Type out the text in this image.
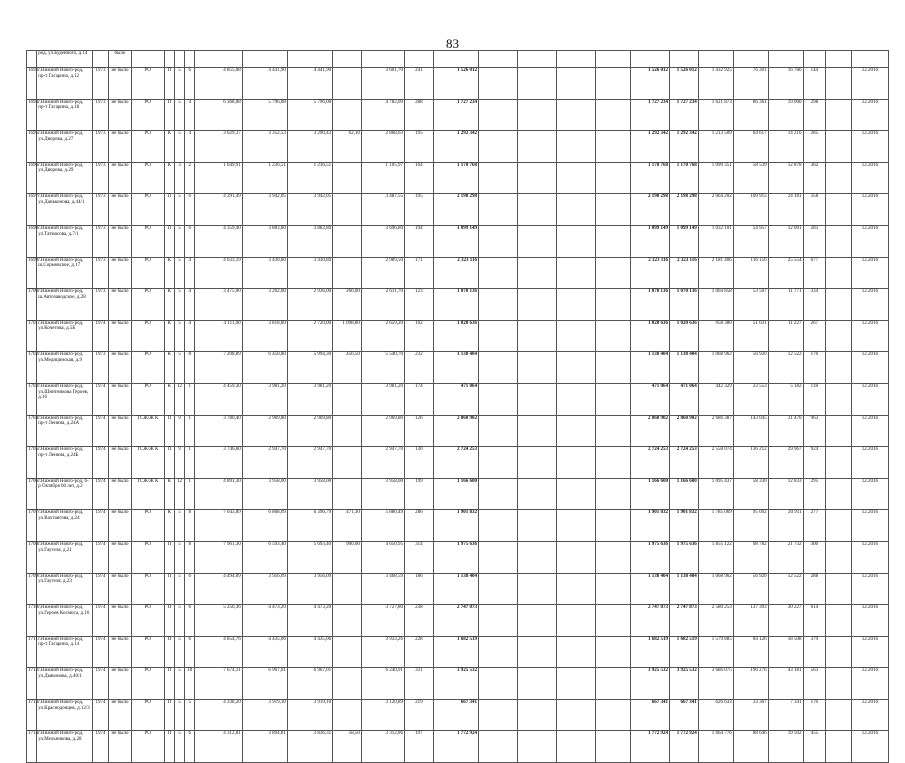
83
	род, ул.Буденного, д.14		было																							
1693	г.Нижний Новго-род, пр-т Гагарина, д.12	1973	не было	РО	П	5	6	4 855,08	4 441,90	4 441,90		3 601,70	241	1 526 012					1 526 012	1 526 012	1 432 925	76 301	16 786	144		12.2016
1694	г.Нижний Новго-род, пр-т Гагарина, д.18	1973	не было	РО	П	5	4	6 368,08	5 796,08	5 796,08		4 782,09	288	1 727 234					1 727 234	1 727 234	1 621 873	86 361	19 000	298		12.2016
1695	г.Нижний Новго-род, ул.Дворова, д.27	1973	не было	РО	К	5	4	3 629,37	3 352,53	3 290,43	62,10	2 868,63	195	1 292 342					1 292 342	1 292 342	1 213 509	64 617	14 216	285		12.2016
1696	г.Нижний Новго-род, ул.Дворова, д.29	1973	не было	РО	К	3	2	1 649,91	1 236,51	1 236,51		1 105,97	164	1 170 768					1 170 768	1 170 768	1 099 351	58 539	12 878	362		12.2016
1697	г.Нижний Новго-род, ул.Даньконова, д.44/1	1973	не было	РО	П	5	6	4 291,49	3 942,05	3 942,05		3 487,55	195	2 198 298					2 198 298	2 198 298	2 064 202	109 915	24 181	358		12.2016
1698	г.Нижний Новго-род, ул.Татмасова, д.7/1	1973	не было	РО	П	5	6	4 359,40	3 883,80	3 883,80		3 696,80	194	1 099 149					1 099 149	1 099 149	1 032 101	54 957	12 091	283		12.2016
1699	г.Нижний Новго-род, ш.Сормовское, д.17	1973	не было	РО	К	5	4	4 633,19	3 430,80	3 430,80		2 989,50	171	2 323 116					2 323 116	2 323 116	2 181 406	116 156	25 554	677		12.2016
1700	г.Нижний Новго-род, ш.Автозаводское, д.28	1973	не было	РО	К	5	4	3 475,00	3 202,00	2 936,00	266,00	2 611,70	123	1 070 136					1 070 136	1 070 136	1 004 858	53 507	11 771	334		12.2016
1701	г.Нижний Новго-род, ул.Кочетова, д.5Б	1974	не было	РО	К	5	4	4 111,00	3 818,80	2 720,00	1 098,80	2 659,20	102	1 020 636					1 020 636	1 020 636	958 380	51 031	11 227	267		12.2016
1702	г.Нижний Новго-род, ул.Медицинская, д.9	1973	не было	РО	К	5	8	7 208,89	6 450,80	5 994,30	456,50	5 540,70	232	1 138 404					1 138 404	1 138 404	1 068 962	56 920	12 522	176		12.2016
1703	г.Нижний Новго-род, ул.Шнитникова Героев, д.16	1974	не было	РО	К	12	1	4 459,30	3 981,20	3 981,20		3 981,20	174	471 064					471 064	471 064	442 329	23 553	5 182	118		12.2016
1704	г.Нижний Новго-род, пр-т Ленина, д.24А	1974	не было	ТСЖ/Ж К	П	9	1	3 780,40	2 969,80	2 969,80		2 969,80	126	2 860 902					2 860 902	2 860 902	2 686 387	143 045	31 470	963		12.2016
1705	г.Нижний Новго-род, пр-т Ленина, д.24Б	1974	не было	ТСЖ/Ж К	П	9	1	3 746,60	2 947,70	2 947,70		2 947,70	130	2 724 253					2 724 253	2 724 253	2 558 074	136 212	29 967	924		12.2016
1706	г.Нижний Новго-род, б-р Октября 60 лет, д.2	1974	не было	ТСЖ/Ж К	К	12	1	4 891,30	3 958,00	3 958,00		3 958,00	199	1 166 600					1 166 600	1 166 600	1 095 437	58 330	12 833	295		12.2016
1707	г.Нижний Новго-род, ул.Вахтангова, д.24	1974	не было	РО	К	5	8	7 643,89	6 868,09	6 396,79	471,30	5 880,49	286	1 901 832					1 901 832	1 901 832	1 785 069	95 092	20 911	277		12.2016
1708	г.Нижний Новго-род, ул.Гаугеля, д.21	1974	не было	РО	П	5	8	7 961,30	6 593,40	5 693,40	900,00	4 650,95	314	1 975 636					1 975 636	1 975 636	1 855 122	98 782	21 732	300		12.2016
1709	г.Нижний Новго-род, ул.Гаугеля, д.23	1974	не было	РО	П	5	6	4 494,09	3 956,09	3 956,09		3 468,59	186	1 138 404					1 138 404	1 138 404	1 068 962	56 920	12 522	288		12.2016
1710	г.Нижний Новго-род, ул.Героев Космоса, д.16	1974	не было	РО	П	5	6	5 256,36	4 473,20	4 473,20		3 727,80	238	2 747 873					2 747 873	2 747 873	2 580 253	137 393	30 227	614		12.2016
1711	г.Нижний Новго-род, пр-т Гагарина, д.14	1974	не было	РО	П	5	6	4 854,76	4 435,06	4 435,06		3 933,26	228	1 682 519					1 682 519	1 682 519	1 579 885	84 126	18 508	379		12.2016
1712	г.Нижний Новго-род, ул.Дьяконова, д.40/1	1974	не было	РО	П	5	10	7 674,31	6 967,01	6 967,01		6 240,91	331	3 925 532					3 925 532	3 925 532	3 686 075	196 276	43 181	563		12.2016
1713	г.Нижний Новго-род, ул.Краснодонцев, д.12/3	1974	не было	РО	П	5	5	4 338,20	3 919,10	3 919,10		3 120,89	219	667 341					667 341	667 341	626 633	33 367	7 341	170		12.2016
1714	г.Нижний Новго-род, ул.Мельникова, д.28	1974	не было	РО	П	5	6	4 312,81	3 894,81	3 836,31	58,50	3 312,86	197	1 772 924					1 772 924	1 772 924	1 664 776	88 646	19 502	455		12.2016
